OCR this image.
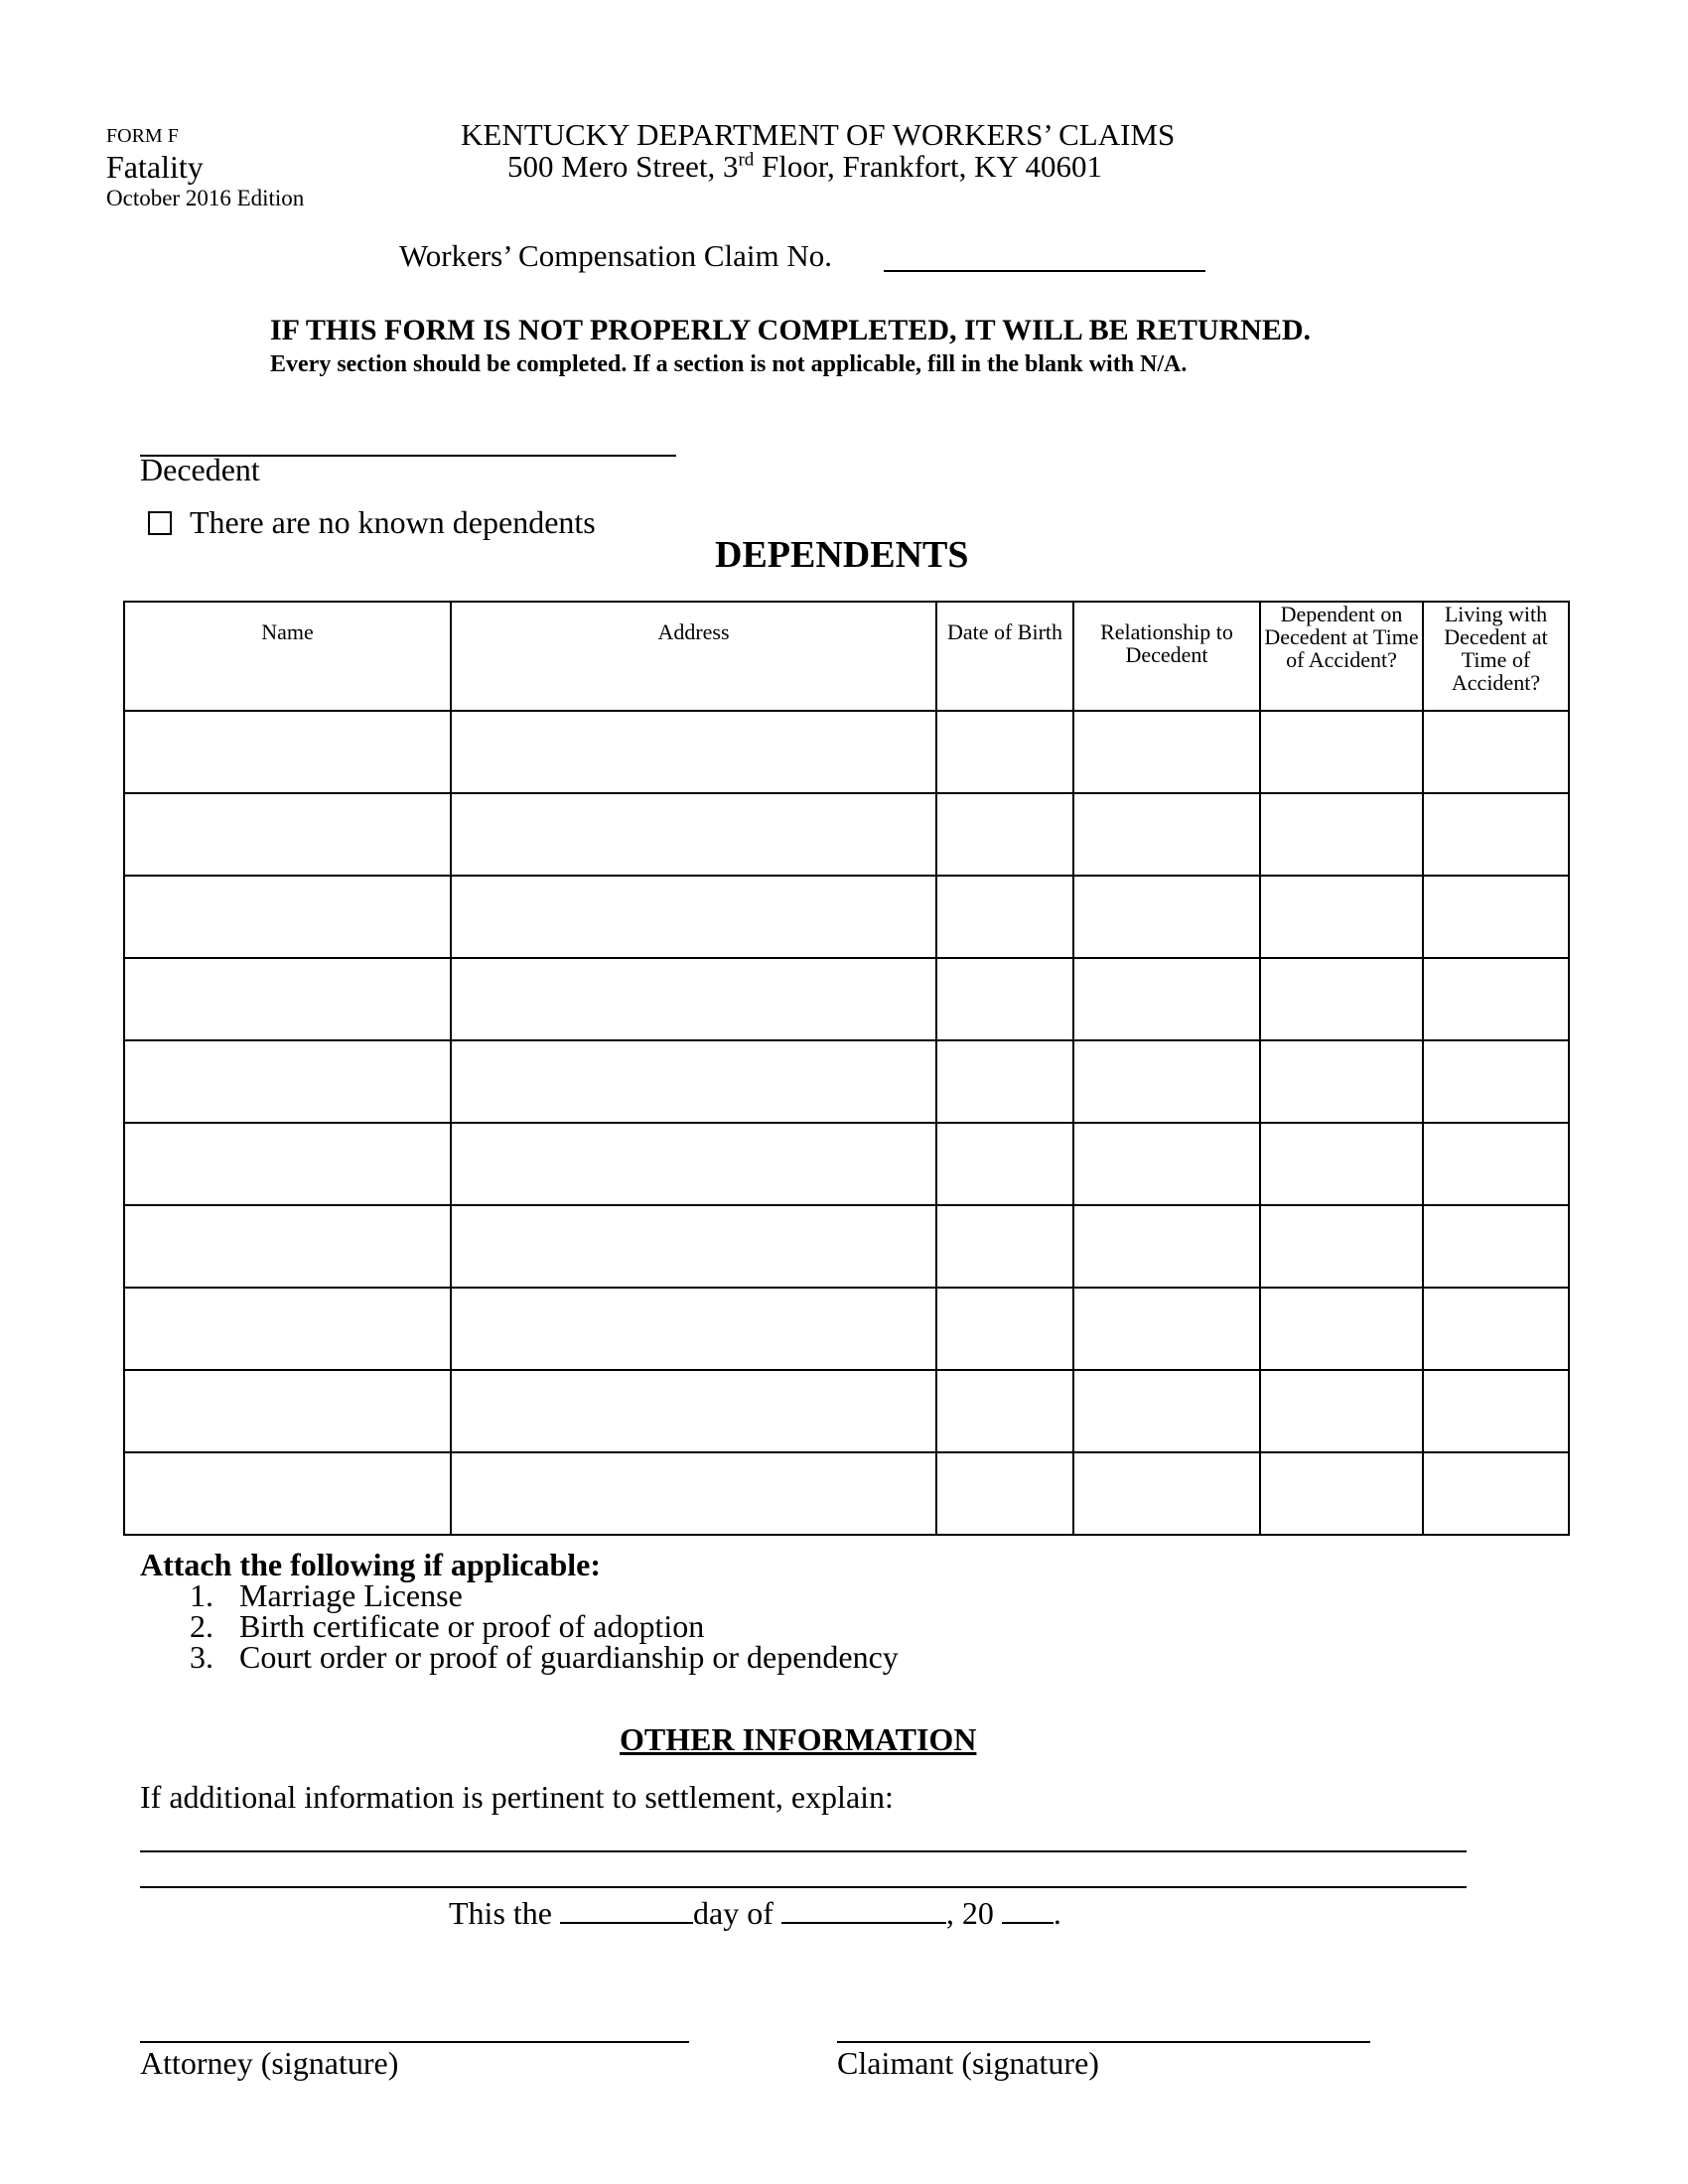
FORM F
Fatality
October 2016 Edition
KENTUCKY DEPARTMENT OF WORKERS’ CLAIMS
500 Mero Street, 3rd Floor, Frankfort, KY 40601
Workers’ Compensation Claim No.
IF THIS FORM IS NOT PROPERLY COMPLETED, IT WILL BE RETURNED.
Every section should be completed. If a section is not applicable, fill in the blank with N/A.
Decedent
There are no known dependents
DEPENDENTS
Name	Address	Date of Birth	Relationship to Decedent	Dependent on Decedent at Time of Accident?	Living with Decedent at Time of Accident?

Attach the following if applicable:
1. Marriage License
2. Birth certificate or proof of adoption
3. Court order or proof of guardianship or dependency
OTHER INFORMATION
If additional information is pertinent to settlement, explain:
This the	day of	, 20 .
Attorney (signature)	Claimant (signature)
